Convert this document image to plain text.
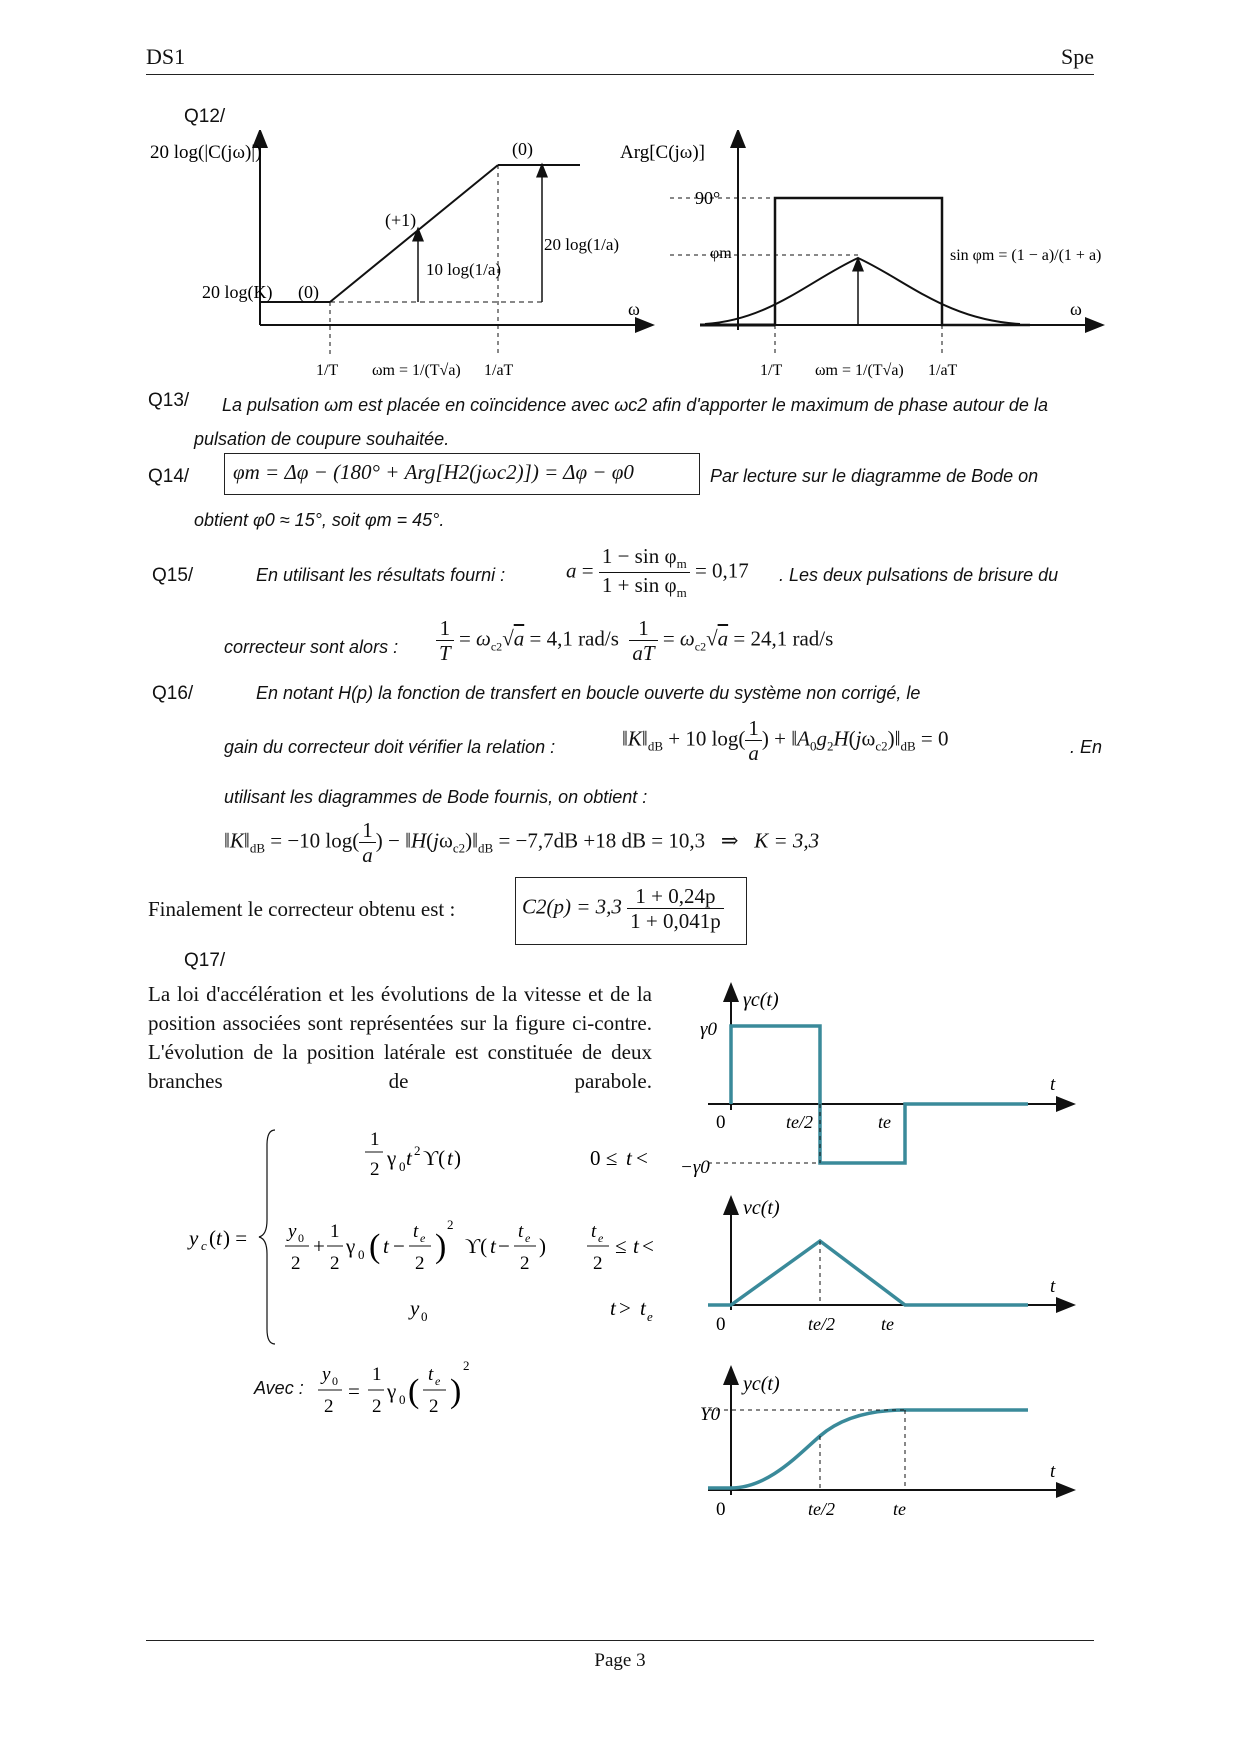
DS1	Spe
Q12/
20 log(|C(jω)|)	(0)
(+1)
20 log(K) (0)
10 log(1/a)
20 log(1/a)
ω
1/T ωm = 1/(T√a) 1/aT
Arg[C(jω)]
90°
φm	sin φm = (1 − a)/(1 + a)
ω
1/T ωm = 1/(T√a) 1/aT
Q13/	La pulsation ωm est placée en coïncidence avec ωc2 afin d'apporter le maximum de phase autour de la pulsation de coupure souhaitée.
Q14/ φm = Δφ − (180° + Arg[H2(jωc2)]) = Δφ − φ0	Par lecture sur le diagramme de Bode on
obtient φ0 ≈ 15°, soit φm = 45°.
Q15/	En utilisant les résultats fourni :	$a = \frac{1 - \sin \varphi_m}{1 + \sin \varphi_m} = 0,17$ . Les deux pulsations de brisure du
correcteur sont alors : $\frac{1}{T} = \omega_{c2}√a = 4,1$ $rad/s \frac{1}{aT} = \omega_{c2}√a = 24,1$ rad/s
Q16/	En notant H(p) la fonction de transfert en boucle ouverte du système non corrigé, le
gain du correcteur doit vérifier la relation :	$‖K‖_{dB} + 10$ $\log( \frac{1}{a}$ ) + $‖A_0g_2H(j\omega_{c2})‖_{dB} = 0$	. En
utilisant les diagrammes de Bode fournis, on obtient :
$‖K‖_{dB} = -10$ $\log( \frac{1}{a}$ ) − $‖H(j\omega_{c2})‖_{dB} = -7,7dB +18$ dB = 10,3   ⇒   K = 3,3
Finalement le correcteur obtenu est :	$C2(p) = 3,3 \frac{1 + 0,24p}{1 + 0,041p}$
Q17/
La loi d'accélération et les évolutions de la vitesse et de la position associées sont représentées sur la figure ci-contre. L'évolution de la position latérale est constituée de deux branches de parabole.
y c ( t ) =
1
2 γ 0 t 2 ϒ( t )	0 ≤ t <
y 0
2
+
1
2
γ 0 ( t −
t e
2 )
2
ϒ( t −
t e
2
)
t e
2
≤ t <
y 0	t > t e
Avec :
y 0
2
=
1
2
γ 0 ( t e
2 )
2
γc(t)
γ0
−γ0
t
0	te/2	te
vc(t)
t
0	te/2	te
yc(t)
Y0
t
0	te/2	te
Page 3
